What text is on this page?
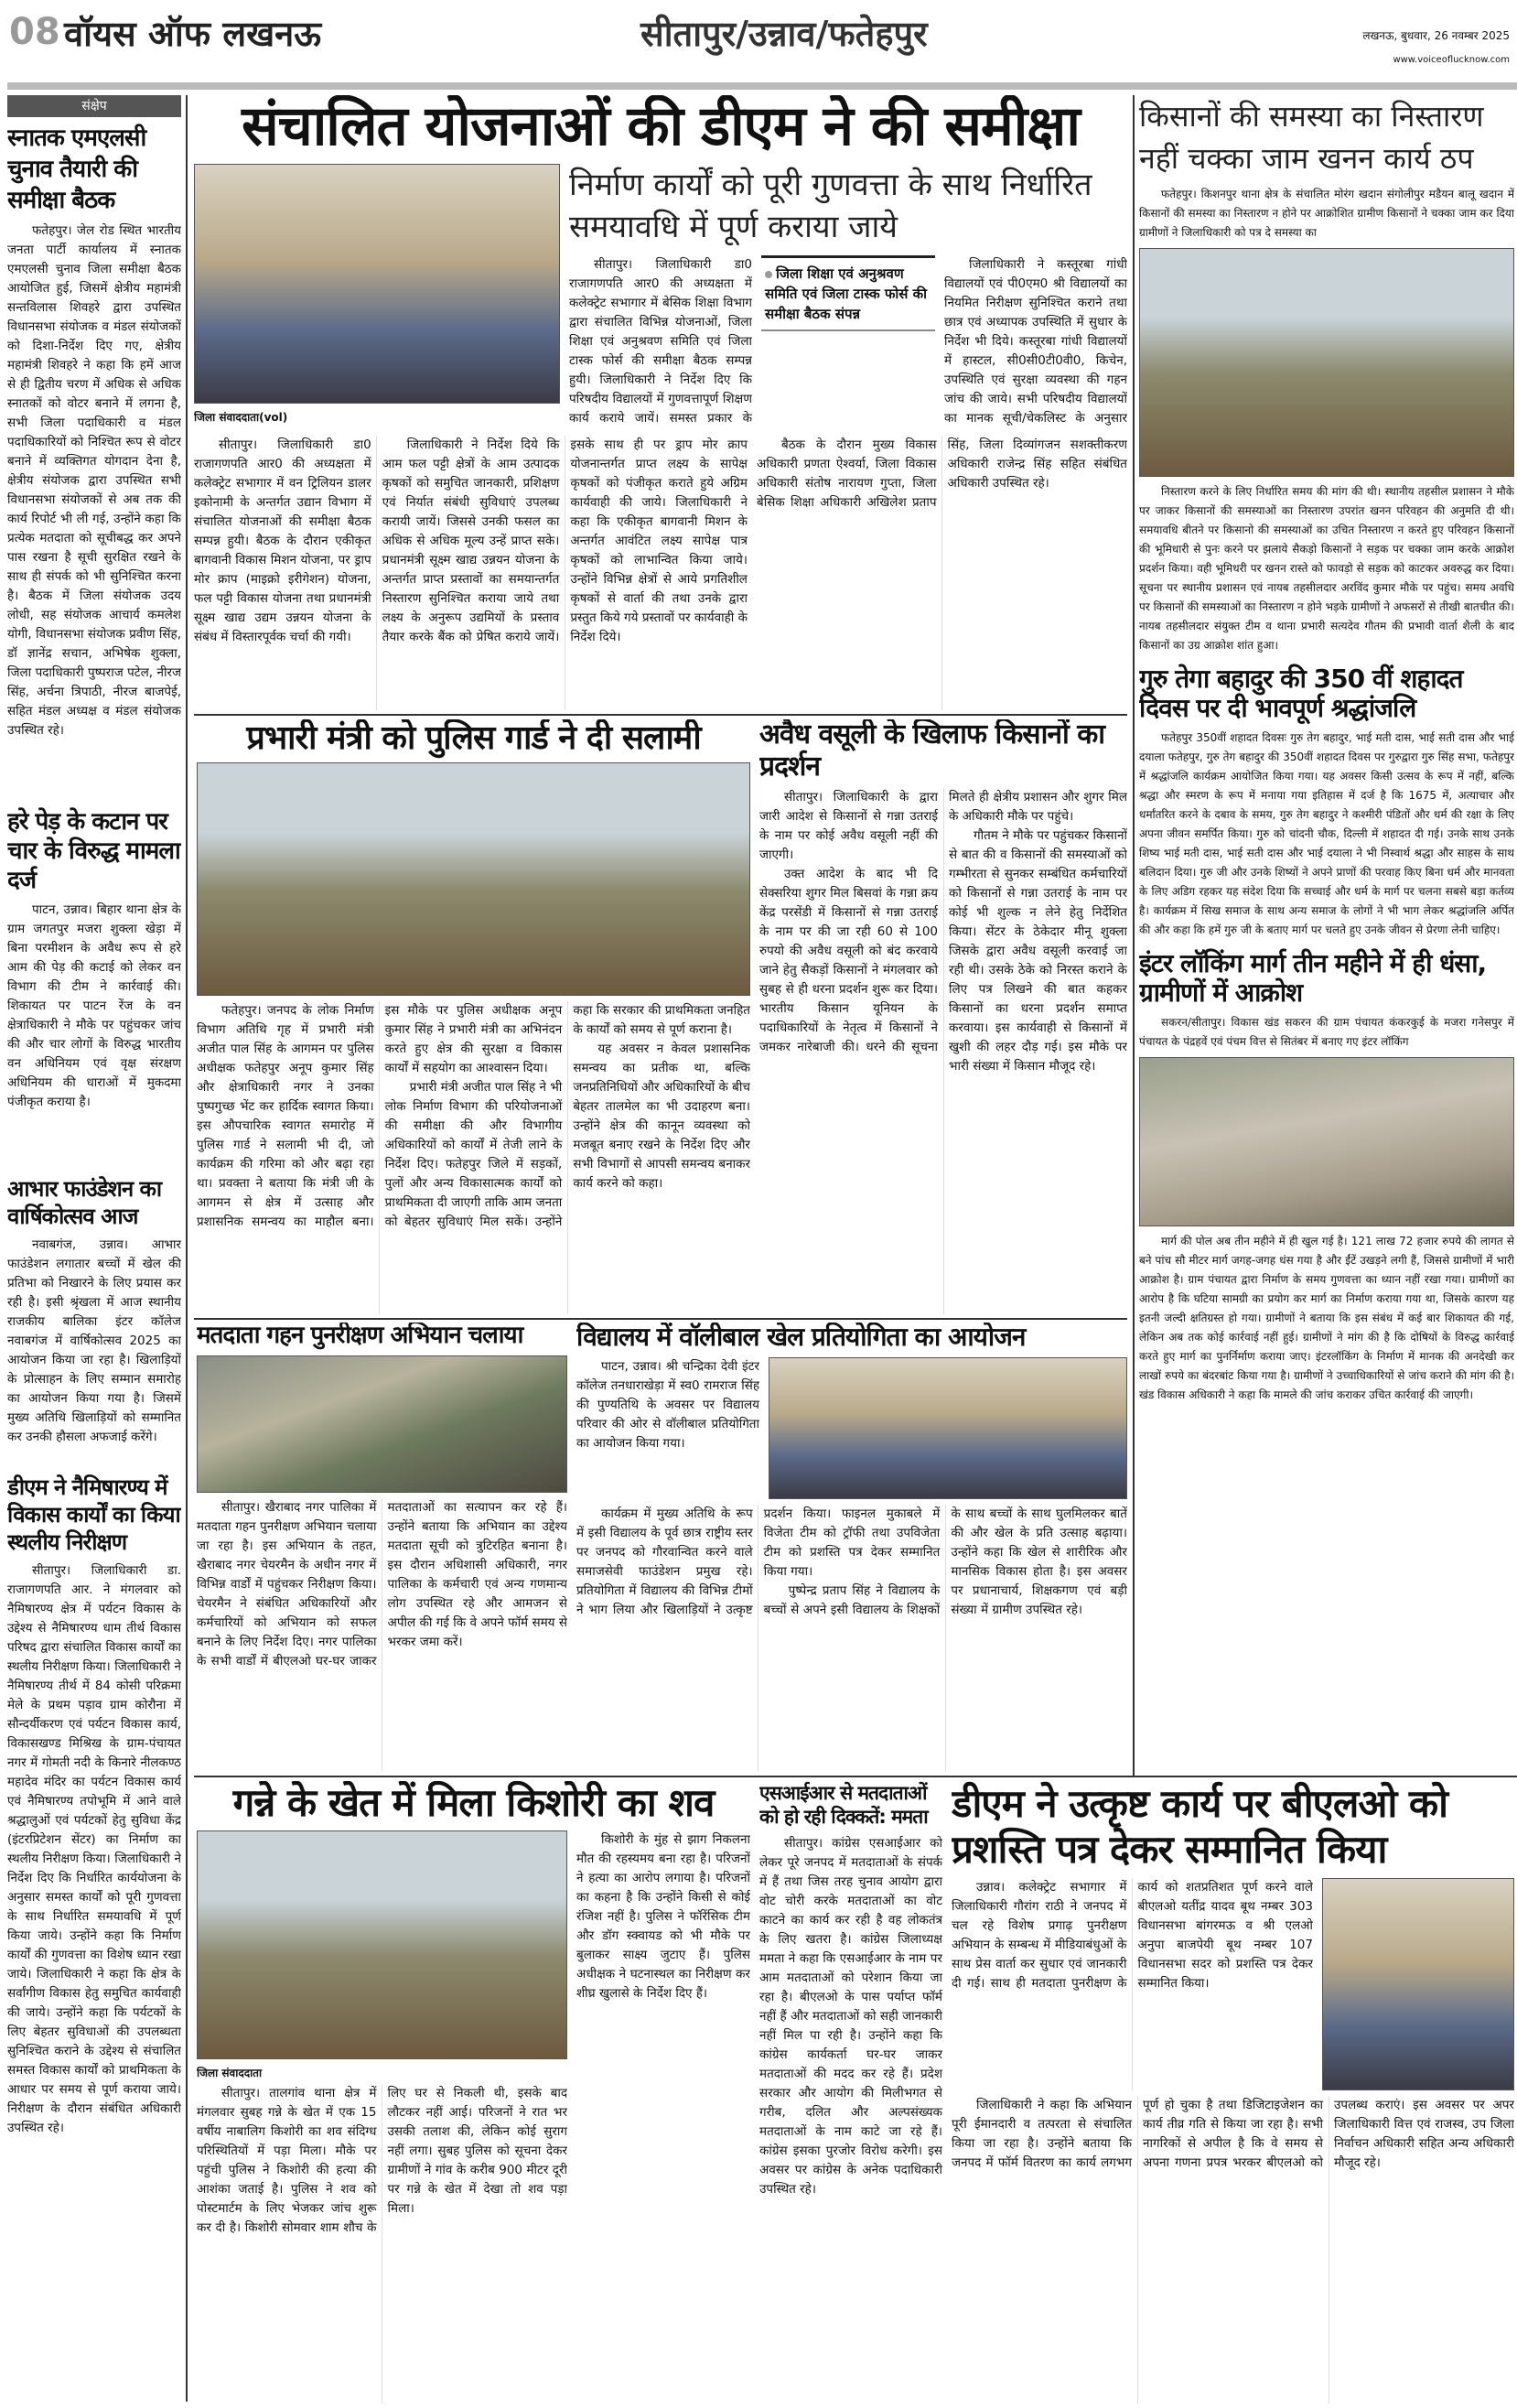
08 वॉयस ऑफ लखनऊ	सीतापुर/उन्नाव/फतेहपुर	लखनऊ, बुधवार, 26 नवम्बर 2025
www.voiceoflucknow.com
संक्षेप
स्नातक एमएलसी चुनाव तैयारी की समीक्षा बैठक

फतेहपुर। जेल रोड स्थित भारतीय जनता पार्टी कार्यालय में स्नातक एमएलसी चुनाव जिला समीक्षा बैठक आयोजित हुई, जिसमें क्षेत्रीय महामंत्री सन्तविलास शिवहरे द्वारा उपस्थित विधानसभा संयोजक व मंडल संयोजकों को दिशा-निर्देश दिए गए, क्षेत्रीय महामंत्री शिवहरे ने कहा कि हमें आज से ही द्वितीय चरण में अधिक से अधिक स्नातकों को वोटर बनाने में लगना है, सभी जिला पदाधिकारी व मंडल पदाधिकारियों को निश्चित रूप से वोटर बनाने में व्यक्तिगत योगदान देना है, क्षेत्रीय संयोजक द्वारा उपस्थित सभी विधानसभा संयोजकों से अब तक की कार्य रिपोर्ट भी ली गई, उन्होंने कहा कि प्रत्येक मतदाता को सूचीबद्ध कर अपने पास रखना है सूची सुरक्षित रखने के साथ ही संपर्क को भी सुनिश्चित करना है। बैठक में जिला संयोजक उदय लोधी, सह संयोजक आचार्य कमलेश योगी, विधानसभा संयोजक प्रवीण सिंह, डॉ ज्ञानेंद्र सचान, अभिषेक शुक्ला, जिला पदाधिकारी पुष्पराज पटेल, नीरज सिंह, अर्चना त्रिपाठी, नीरज बाजपेई, सहित मंडल अध्यक्ष व मंडल संयोजक उपस्थित रहे।

हरे पेड़ के कटान पर चार के विरुद्ध मामला दर्ज

पाटन, उन्नाव। बिहार थाना क्षेत्र के ग्राम जगतपुर मजरा शुक्ला खेड़ा में बिना परमीशन के अवैध रूप से हरे आम की पेड़ की कटाई को लेकर वन विभाग की टीम ने कार्रवाई की। शिकायत पर पाटन रेंज के वन क्षेत्राधिकारी ने मौके पर पहुंचकर जांच की और चार लोगों के विरुद्ध भारतीय वन अधिनियम एवं वृक्ष संरक्षण अधिनियम की धाराओं में मुकदमा पंजीकृत कराया है।

आभार फाउंडेशन का वार्षिकोत्सव आज

नवाबगंज, उन्नाव। आभार फाउंडेशन लगातार बच्चों में खेल की प्रतिभा को निखारने के लिए प्रयास कर रही है। इसी श्रृंखला में आज स्थानीय राजकीय बालिका इंटर कॉलेज नवाबगंज में वार्षिकोत्सव 2025 का आयोजन किया जा रहा है। खिलाड़ियों के प्रोत्साहन के लिए सम्मान समारोह का आयोजन किया गया है। जिसमें मुख्य अतिथि खिलाड़ियों को सम्मानित कर उनकी हौसला अफजाई करेंगे।

डीएम ने नैमिषारण्य में विकास कार्यों का किया स्थलीय निरीक्षण

सीतापुर। जिलाधिकारी डा. राजागणपति आर. ने मंगलवार को नैमिषारण्य क्षेत्र में पर्यटन विकास के उद्देश्य से नैमिषारण्य धाम तीर्थ विकास परिषद द्वारा संचालित विकास कार्यों का स्थलीय निरीक्षण किया। जिलाधिकारी ने नैमिषारण्य तीर्थ में 84 कोसी परिक्रमा मेले के प्रथम पड़ाव ग्राम कोरौना में सौन्दर्यीकरण एवं पर्यटन विकास कार्य, विकासखण्ड मिश्रिख के ग्राम-पंचायत नगर में गोमती नदी के किनारे नीलकण्ठ महादेव मंदिर का पर्यटन विकास कार्य एवं नैमिषारण्य तपोभूमि में आने वाले श्रद्धालुओं एवं पर्यटकों हेतु सुविधा केंद्र (इंटरप्रिटेशन सेंटर) का निर्माण का स्थलीय निरीक्षण किया। जिलाधिकारी ने निर्देश दिए कि निर्धारित कार्ययोजना के अनुसार समस्त कार्यों को पूरी गुणवत्ता के साथ निर्धारित समयावधि में पूर्ण किया जाये। उन्होंने कहा कि निर्माण कार्यों की गुणवत्ता का विशेष ध्यान रखा जाये। जिलाधिकारी ने कहा कि क्षेत्र के सर्वांगीण विकास हेतु समुचित कार्यवाही की जाये। उन्होंने कहा कि पर्यटकों के लिए बेहतर सुविधाओं की उपलब्धता सुनिश्चित कराने के उद्देश्य से संचालित समस्त विकास कार्यों को प्राथमिकता के आधार पर समय से पूर्ण कराया जाये। निरीक्षण के दौरान संबंधित अधिकारी उपस्थित रहे।

संचालित योजनाओं की डीएम ने की समीक्षा
जिला संवाददाता(vol)
निर्माण कार्यों को पूरी गुणवत्ता के साथ निर्धारित समयावधि में पूर्ण कराया जाये

सीतापुर। जिलाधिकारी डा0 राजागणपति आर0 की अध्यक्षता में कलेक्ट्रेट सभागार में बेसिक शिक्षा विभाग द्वारा संचालित विभिन्न योजनाओं, जिला शिक्षा एवं अनुश्रवण समिति एवं जिला टास्क फोर्स की समीक्षा बैठक सम्पन्न हुयी। जिलाधिकारी ने निर्देश दिए कि परिषदीय विद्यालयों में गुणवत्तापूर्ण शिक्षण कार्य कराये जायें। समस्त प्रकार के

जिला शिक्षा एवं अनुश्रवण समिति एवं जिला टास्क फोर्स की समीक्षा बैठक संपन्न

जिलाधिकारी ने कस्तूरबा गांधी विद्यालयों एवं पी0एम0 श्री विद्यालयों का नियमित निरीक्षण सुनिश्चित कराने तथा छात्र एवं अध्यापक उपस्थिति में सुधार के निर्देश भी दिये। कस्तूरबा गांधी विद्यालयों में हास्टल, सी0सी0टी0वी0, किचेन, उपस्थिति एवं सुरक्षा व्यवस्था की गहन जांच की जाये। सभी परिषदीय विद्यालयों का मानक सूची/चेकलिस्ट के अनुसार

सीतापुर। जिलाधिकारी डा0 राजागणपति आर0 की अध्यक्षता में कलेक्ट्रेट सभागार में वन ट्रिलियन डालर इकोनामी के अन्तर्गत उद्यान विभाग में संचालित योजनाओं की समीक्षा बैठक सम्पन्न हुयी। बैठक के दौरान एकीकृत बागवानी विकास मिशन योजना, पर ड्राप मोर क्राप (माइक्रो इरीगेशन) योजना, फल पट्टी विकास योजना तथा प्रधानमंत्री सूक्ष्म खाद्य उद्यम उन्नयन योजना के संबंध में विस्तारपूर्वक चर्चा की गयी।

जिलाधिकारी ने निर्देश दिये कि आम फल पट्टी क्षेत्रों के आम उत्पादक कृषकों को समुचित जानकारी, प्रशिक्षण एवं निर्यात संबंधी सुविधाएं उपलब्ध करायी जायें। जिससे उनकी फसल का अधिक से अधिक मूल्य उन्हें प्राप्त सके। प्रधानमंत्री सूक्ष्म खाद्य उन्नयन योजना के अन्तर्गत प्राप्त प्रस्तावों का समयान्तर्गत निस्तारण सुनिश्चित कराया जाये तथा लक्ष्य के अनुरूप उद्यमियों के प्रस्ताव तैयार करके बैंक को प्रेषित कराये जायें। इसके साथ ही पर ड्राप मोर क्राप योजनान्तर्गत प्राप्त लक्ष्य के सापेक्ष कृषकों को पंजीकृत कराते हुये अग्रिम कार्यवाही की जाये। जिलाधिकारी ने कहा कि एकीकृत बागवानी मिशन के अन्तर्गत आवंटित लक्ष्य सापेक्ष पात्र कृषकों को लाभान्वित किया जाये। उन्होंने विभिन्न क्षेत्रों से आये प्रगतिशील कृषकों से वार्ता की तथा उनके द्वारा प्रस्तुत किये गये प्रस्तावों पर कार्यवाही के निर्देश दिये।

बैठक के दौरान मुख्य विकास अधिकारी प्रणता ऐश्वर्या, जिला विकास अधिकारी संतोष नारायण गुप्ता, जिला बेसिक शिक्षा अधिकारी अखिलेश प्रताप सिंह, जिला दिव्यांगजन सशक्तीकरण अधिकारी राजेन्द्र सिंह सहित संबंधित अधिकारी उपस्थित रहे।

प्रभारी मंत्री को पुलिस गार्ड ने दी सलामी

फतेहपुर। जनपद के लोक निर्माण विभाग अतिथि गृह में प्रभारी मंत्री अजीत पाल सिंह के आगमन पर पुलिस अधीक्षक फतेहपुर अनूप कुमार सिंह और क्षेत्राधिकारी नगर ने उनका पुष्पगुच्छ भेंट कर हार्दिक स्वागत किया। इस औपचारिक स्वागत समारोह में पुलिस गार्ड ने सलामी भी दी, जो कार्यक्रम की गरिमा को और बढ़ा रहा था। प्रवक्ता ने बताया कि मंत्री जी के आगमन से क्षेत्र में उत्साह और प्रशासनिक समन्वय का माहौल बना। इस मौके पर पुलिस अधीक्षक अनूप कुमार सिंह ने प्रभारी मंत्री का अभिनंदन करते हुए क्षेत्र की सुरक्षा व विकास कार्यों में सहयोग का आश्वासन दिया।

प्रभारी मंत्री अजीत पाल सिंह ने भी लोक निर्माण विभाग की परियोजनाओं की समीक्षा की और विभागीय अधिकारियों को कार्यों में तेजी लाने के निर्देश दिए। फतेहपुर जिले में सड़कों, पुलों और अन्य विकासात्मक कार्यों को प्राथमिकता दी जाएगी ताकि आम जनता को बेहतर सुविधाएं मिल सकें। उन्होंने कहा कि सरकार की प्राथमिकता जनहित के कार्यों को समय से पूर्ण कराना है।

यह अवसर न केवल प्रशासनिक समन्वय का प्रतीक था, बल्कि जनप्रतिनिधियों और अधिकारियों के बीच बेहतर तालमेल का भी उदाहरण बना। उन्होंने क्षेत्र की कानून व्यवस्था को मजबूत बनाए रखने के निर्देश दिए और सभी विभागों से आपसी समन्वय बनाकर कार्य करने को कहा।

अवैध वसूली के खिलाफ किसानों का प्रदर्शन

सीतापुर। जिलाधिकारी के द्वारा जारी आदेश से किसानों से गन्ना उतराई के नाम पर कोई अवैध वसूली नहीं की जाएगी।

उक्त आदेश के बाद भी दि सेक्सरिया शुगर मिल बिसवां के गन्ना क्रय केंद्र परसेंडी में किसानों से गन्ना उतराई के नाम पर की जा रही 60 से 100 रुपयो की अवैध वसूली को बंद करवाये जाने हेतु सैकड़ों किसानों ने मंगलवार को सुबह से ही धरना प्रदर्शन शुरू कर दिया। भारतीय किसान यूनियन के पदाधिकारियों के नेतृत्व में किसानों ने जमकर नारेबाजी की। धरने की सूचना मिलते ही क्षेत्रीय प्रशासन और शुगर मिल के अधिकारी मौके पर पहुंचे।

गौतम ने मौके पर पहुंचकर किसानों से बात की व किसानों की समस्याओं को गम्भीरता से सुनकर सम्बंधित कर्मचारियों को किसानों से गन्ना उतराई के नाम पर कोई भी शुल्क न लेने हेतु निर्देशित किया। सेंटर के ठेकेदार मीनू शुक्ला जिसके द्वारा अवैध वसूली करवाई जा रही थी। उसके ठेके को निरस्त कराने के लिए पत्र लिखने की बात कहकर किसानों का धरना प्रदर्शन समाप्त करवाया। इस कार्यवाही से किसानों में खुशी की लहर दौड़ गई। इस मौके पर भारी संख्या में किसान मौजूद रहे।

मतदाता गहन पुनरीक्षण अभियान चलाया

सीतापुर। खैराबाद नगर पालिका में मतदाता गहन पुनरीक्षण अभियान चलाया जा रहा है। इस अभियान के तहत, खैराबाद नगर चेयरमैन के अधीन नगर में विभिन्न वार्डों में पहुंचकर निरीक्षण किया। चेयरमैन ने संबंधित अधिकारियों और कर्मचारियों को अभियान को सफल बनाने के लिए निर्देश दिए। नगर पालिका के सभी वार्डों में बीएलओ घर-घर जाकर मतदाताओं का सत्यापन कर रहे हैं। उन्होंने बताया कि अभियान का उद्देश्य मतदाता सूची को त्रुटिरहित बनाना है। इस दौरान अधिशासी अधिकारी, नगर पालिका के कर्मचारी एवं अन्य गणमान्य लोग उपस्थित रहे और आमजन से अपील की गई कि वे अपने फॉर्म समय से भरकर जमा करें।

विद्यालय में वॉलीबाल खेल प्रतियोगिता का आयोजन

पाटन, उन्नाव। श्री चन्द्रिका देवी इंटर कॉलेज तनधाराखेड़ा में स्व0 रामराज सिंह की पुण्यतिथि के अवसर पर विद्यालय परिवार की ओर से वॉलीबाल प्रतियोगिता का आयोजन किया गया।

कार्यक्रम में मुख्य अतिथि के रूप में इसी विद्यालय के पूर्व छात्र राष्ट्रीय स्तर पर जनपद को गौरवान्वित करने वाले समाजसेवी फाउंडेशन प्रमुख रहे। प्रतियोगिता में विद्यालय की विभिन्न टीमों ने भाग लिया और खिलाड़ियों ने उत्कृष्ट प्रदर्शन किया। फाइनल मुकाबले में विजेता टीम को ट्रॉफी तथा उपविजेता टीम को प्रशस्ति पत्र देकर सम्मानित किया गया।

पुष्पेन्द्र प्रताप सिंह ने विद्यालय के बच्चों से अपने इसी विद्यालय के शिक्षकों के साथ बच्चों के साथ घुलमिलकर बातें की और खेल के प्रति उत्साह बढ़ाया। उन्होंने कहा कि खेल से शारीरिक और मानसिक विकास होता है। इस अवसर पर प्रधानाचार्य, शिक्षकगण एवं बड़ी संख्या में ग्रामीण उपस्थित रहे।

गन्ने के खेत में मिला किशोरी का शव
जिला संवाददाता

सीतापुर। तालगांव थाना क्षेत्र में मंगलवार सुबह गन्ने के खेत में एक 15 वर्षीय नाबालिग किशोरी का शव संदिग्ध परिस्थितियों में पड़ा मिला। मौके पर पहुंची पुलिस ने किशोरी की हत्या की आशंका जताई है। पुलिस ने शव को पोस्टमार्टम के लिए भेजकर जांच शुरू कर दी है। किशोरी सोमवार शाम शौच के लिए घर से निकली थी, इसके बाद लौटकर नहीं आई। परिजनों ने रात भर उसकी तलाश की, लेकिन कोई सुराग नहीं लगा। सुबह पुलिस को सूचना देकर ग्रामीणों ने गांव के करीब 900 मीटर दूरी पर गन्ने के खेत में देखा तो शव पड़ा मिला।

किशोरी के मुंह से झाग निकलना मौत की रहस्यमय बना रहा है। परिजनों ने हत्या का आरोप लगाया है। परिजनों का कहना है कि उन्होंने किसी से कोई रंजिश नहीं है। पुलिस ने फॉरेंसिक टीम और डॉग स्क्वायड को भी मौके पर बुलाकर साक्ष्य जुटाए हैं। पुलिस अधीक्षक ने घटनास्थल का निरीक्षण कर शीघ्र खुलासे के निर्देश दिए हैं।

एसआईआर से मतदाताओं को हो रही दिक्कतें: ममता

सीतापुर। कांग्रेस एसआईआर को लेकर पूरे जनपद में मतदाताओं के संपर्क में हैं तथा जिस तरह चुनाव आयोग द्वारा वोट चोरी करके मतदाताओं का वोट काटने का कार्य कर रही है वह लोकतंत्र के लिए खतरा है। कांग्रेस जिलाध्यक्ष ममता ने कहा कि एसआईआर के नाम पर आम मतदाताओं को परेशान किया जा रहा है। बीएलओ के पास पर्याप्त फॉर्म नहीं हैं और मतदाताओं को सही जानकारी नहीं मिल पा रही है। उन्होंने कहा कि कांग्रेस कार्यकर्ता घर-घर जाकर मतदाताओं की मदद कर रहे हैं। प्रदेश सरकार और आयोग की मिलीभगत से गरीब, दलित और अल्पसंख्यक मतदाताओं के नाम काटे जा रहे हैं। कांग्रेस इसका पुरजोर विरोध करेगी। इस अवसर पर कांग्रेस के अनेक पदाधिकारी उपस्थित रहे।

डीएम ने उत्कृष्ट कार्य पर बीएलओ को प्रशस्ति पत्र देकर सम्मानित किया

उन्नाव। कलेक्ट्रेट सभागार में जिलाधिकारी गौरांग राठी ने जनपद में चल रहे विशेष प्रगाढ़ पुनरीक्षण अभियान के सम्बन्ध में मीडियाबंधुओं के साथ प्रेस वार्ता कर सुधार एवं जानकारी दी गई। साथ ही मतदाता पुनरीक्षण के कार्य को शतप्रतिशत पूर्ण करने वाले बीएलओ यतींद्र यादव बूथ नम्बर 303 विधानसभा बांगरमऊ व श्री एलओ अनुपा बाजपेयी बूथ नम्बर 107 विधानसभा सदर को प्रशस्ति पत्र देकर सम्मानित किया।

जिलाधिकारी ने कहा कि अभियान पूरी ईमानदारी व तत्परता से संचालित किया जा रहा है। उन्होंने बताया कि जनपद में फॉर्म वितरण का कार्य लगभग पूर्ण हो चुका है तथा डिजिटाइजेशन का कार्य तीव्र गति से किया जा रहा है। सभी नागरिकों से अपील है कि वे समय से अपना गणना प्रपत्र भरकर बीएलओ को उपलब्ध कराएं। इस अवसर पर अपर जिलाधिकारी वित्त एवं राजस्व, उप जिला निर्वाचन अधिकारी सहित अन्य अधिकारी मौजूद रहे।

किसानों की समस्या का निस्तारण नहीं चक्का जाम खनन कार्य ठप

फतेहपुर। किशनपुर थाना क्षेत्र के संचालित मोरंग खदान संगोलीपुर मडैयन बालू खदान में किसानों की समस्या का निस्तारण न होने पर आक्रोशित ग्रामीण किसानों ने चक्का जाम कर दिया ग्रामीणों ने जिलाधिकारी को पत्र दे समस्या का

निस्तारण करने के लिए निर्धारित समय की मांग की थी। स्थानीय तहसील प्रशासन ने मौके पर जाकर किसानों की समस्याओं का निस्तारण उपरांत खनन परिवहन की अनुमति दी थी। समयावधि बीतने पर किसानो की समस्याओं का उचित निस्तारण न करते हुए परिवहन किसानों की भूमिधारी से पुनः करने पर झलाये सैकड़ो किसानों ने सड़क पर चक्का जाम करके आक्रोश प्रदर्शन किया। वही भूमिधरी पर खनन रास्ते को फावड़ो से सड़क को काटकर अवरुद्ध कर दिया। सूचना पर स्थानीय प्रशासन एवं नायब तहसीलदार अरविंद कुमार मौके पर पहुंच। समय अवधि पर किसानों की समस्याओं का निस्तारण न होने भड़के ग्रामीणों ने अफसरों से तीखी बातचीत की। नायब तहसीलदार संयुक्त टीम व थाना प्रभारी सत्यदेव गौतम की प्रभावी वार्ता शैली के बाद किसानों का उग्र आक्रोश शांत हुआ।

गुरु तेगा बहादुर की 350 वीं शहादत दिवस पर दी भावपूर्ण श्रद्धांजलि

फतेहपुर 350वीं शहादत दिवसः गुरु तेग बहादुर, भाई मती दास, भाई सती दास और भाई दयाला फतेहपुर, गुरु तेग बहादुर की 350वीं शहादत दिवस पर गुरुद्वारा गुरु सिंह सभा, फतेहपुर में श्रद्धांजलि कार्यक्रम आयोजित किया गया। यह अवसर किसी उत्सव के रूप में नहीं, बल्कि श्रद्धा और स्मरण के रूप में मनाया गया इतिहास में दर्ज है कि 1675 में, अत्याचार और धर्मांतरित करने के दबाव के समय, गुरु तेग बहादुर ने कश्मीरी पंडितों और धर्म की रक्षा के लिए अपना जीवन समर्पित किया। गुरु को चांदनी चौक, दिल्ली में शहादत दी गई। उनके साथ उनके शिष्य भाई मती दास, भाई सती दास और भाई दयाला ने भी निस्वार्थ श्रद्धा और साहस के साथ बलिदान दिया। गुरु जी और उनके शिष्यों ने अपने प्राणों की परवाह किए बिना धर्म और मानवता के लिए अडिग रहकर यह संदेश दिया कि सच्चाई और धर्म के मार्ग पर चलना सबसे बड़ा कर्तव्य है। कार्यक्रम में सिख समाज के साथ अन्य समाज के लोगों ने भी भाग लेकर श्रद्धांजलि अर्पित की और कहा कि हमें गुरु जी के बताए मार्ग पर चलते हुए उनके जीवन से प्रेरणा लेनी चाहिए।

इंटर लॉकिंग मार्ग तीन महीने में ही धंसा, ग्रामीणों में आक्रोश

सकरन/सीतापुर। विकास खंड सकरन की ग्राम पंचायत कंकरकुई के मजरा गनेसपुर में पंचायत के पंद्रहवें एवं पंचम वित्त से सितंबर में बनाए गए इंटर लॉकिंग

मार्ग की पोल अब तीन महीने में ही खुल गई है। 121 लाख 72 हजार रुपये की लागत से बने पांच सौ मीटर मार्ग जगह-जगह धंस गया है और ईंटें उखड़ने लगी हैं, जिससे ग्रामीणों में भारी आक्रोश है। ग्राम पंचायत द्वारा निर्माण के समय गुणवत्ता का ध्यान नहीं रखा गया। ग्रामीणों का आरोप है कि घटिया सामग्री का प्रयोग कर मार्ग का निर्माण कराया गया था, जिसके कारण यह इतनी जल्दी क्षतिग्रस्त हो गया। ग्रामीणों ने बताया कि इस संबंध में कई बार शिकायत की गई, लेकिन अब तक कोई कार्रवाई नहीं हुई। ग्रामीणों ने मांग की है कि दोषियों के विरुद्ध कार्रवाई करते हुए मार्ग का पुनर्निर्माण कराया जाए। इंटरलॉकिंग के निर्माण में मानक की अनदेखी कर लाखों रुपये का बंदरबांट किया गया है। ग्रामीणों ने उच्चाधिकारियों से जांच कराने की मांग की है। खंड विकास अधिकारी ने कहा कि मामले की जांच कराकर उचित कार्रवाई की जाएगी।
